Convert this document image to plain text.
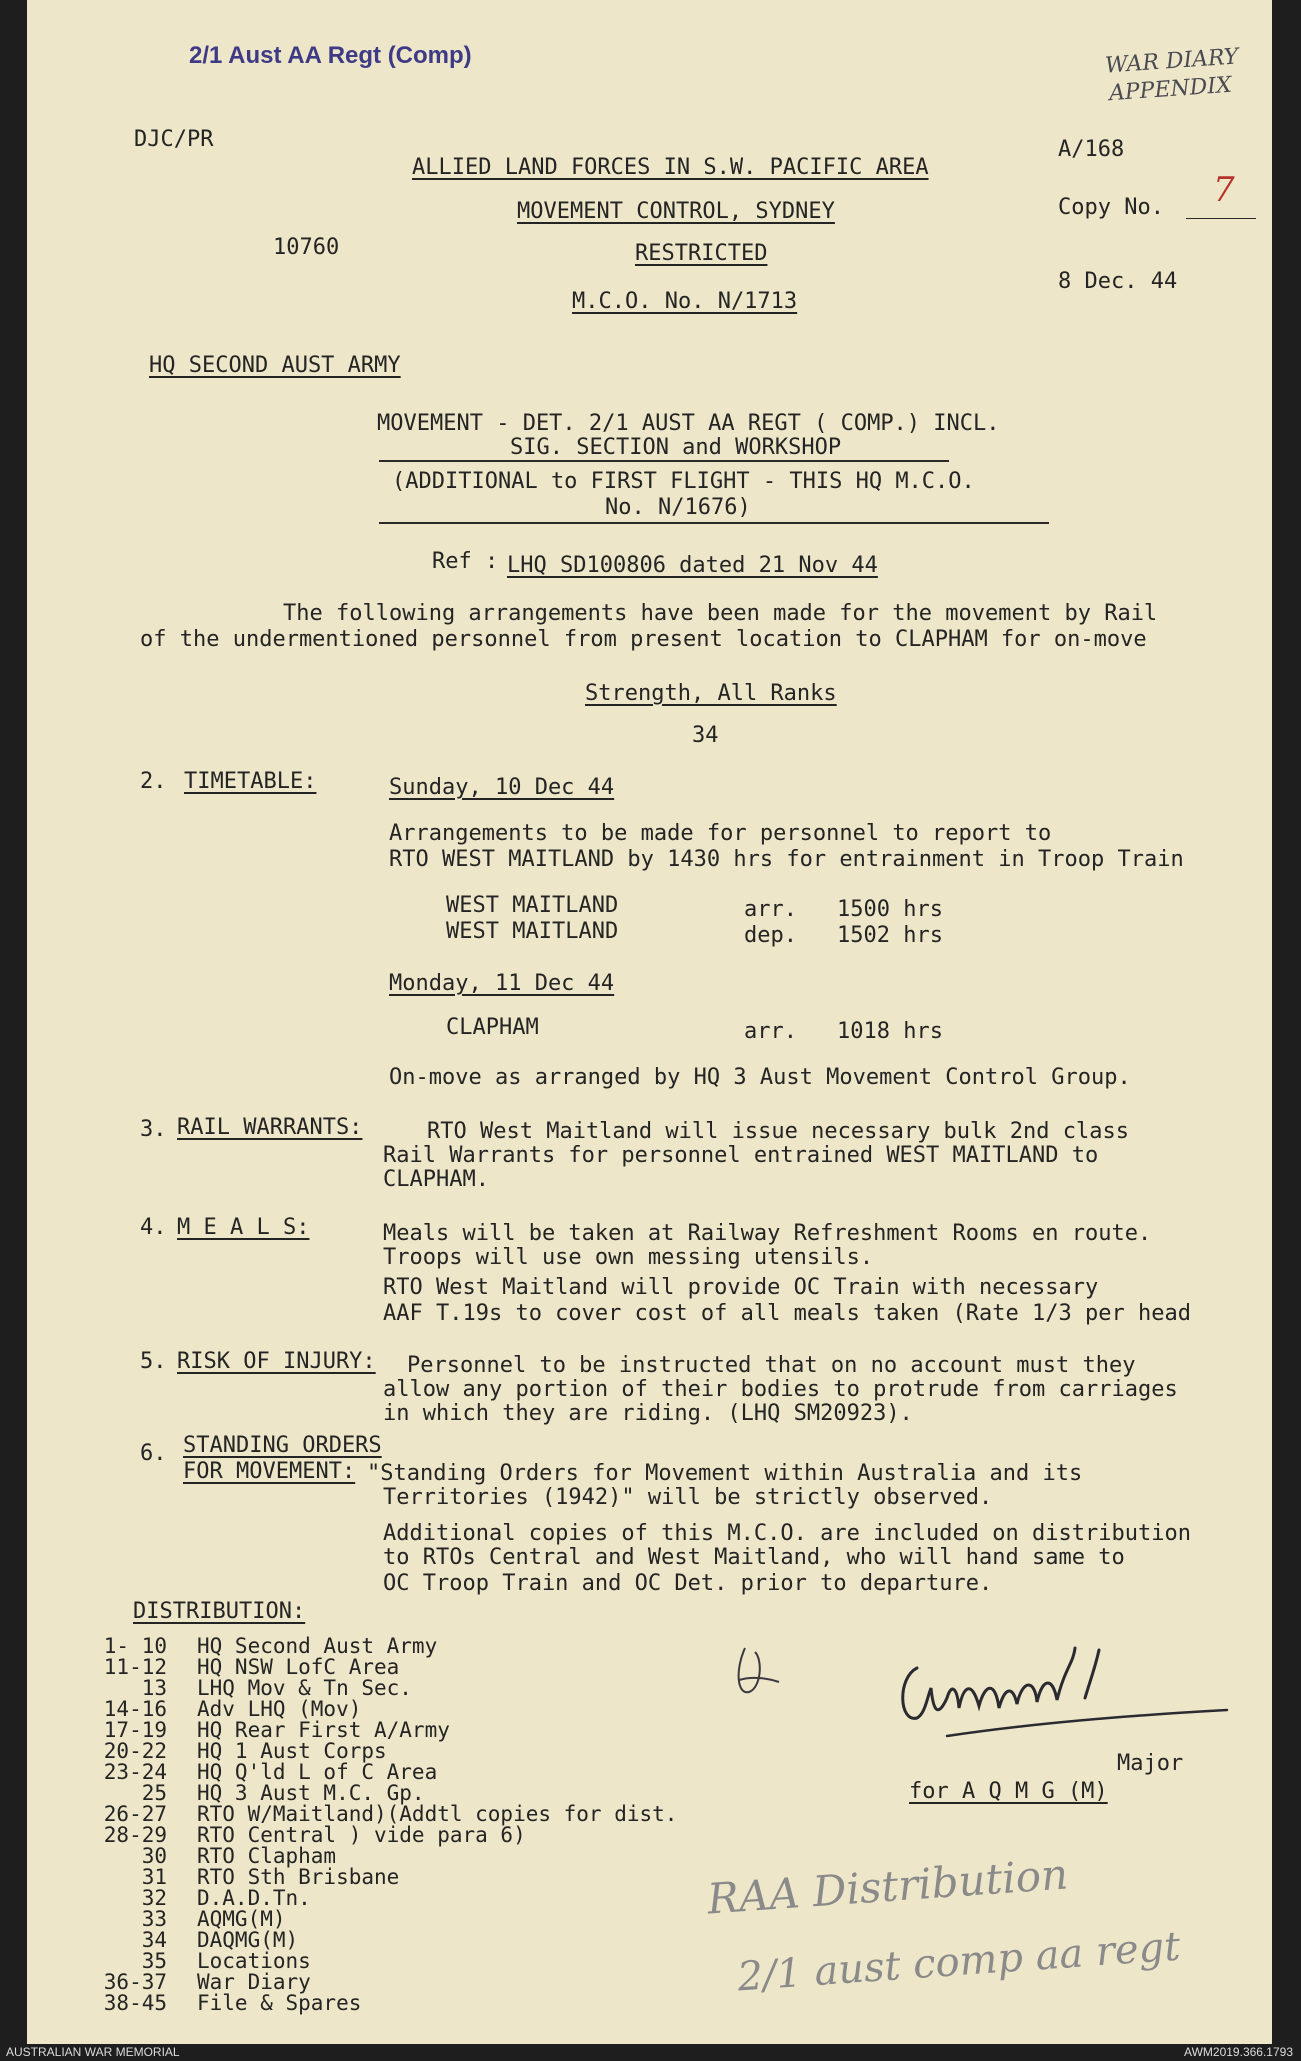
2/1 Aust AA Regt (Comp)	WAR DIARY
APPENDIX
7
DJC/PR
10760
A/168
Copy No.
8 Dec. 44
ALLIED LAND FORCES IN S.W. PACIFIC AREA
MOVEMENT CONTROL, SYDNEY
RESTRICTED
M.C.O. No. N/1713
HQ SECOND AUST ARMY
MOVEMENT - DET. 2/1 AUST AA REGT ( COMP.) INCL.
SIG. SECTION and WORKSHOP
(ADDITIONAL to FIRST FLIGHT - THIS HQ M.C.O.
No. N/1676)
Ref : LHQ SD100806 dated 21 Nov 44
The following arrangements have been made for the movement by Rail
of the undermentioned personnel from present location to CLAPHAM for on-move
Strength, All Ranks
34
2. TIMETABLE:	Sunday, 10 Dec 44
Arrangements to be made for personnel to report to
RTO WEST MAITLAND by 1430 hrs for entrainment in Troop Train
WEST MAITLAND	arr. 1500 hrs
WEST MAITLAND	dep. 1502 hrs
Monday, 11 Dec 44
CLAPHAM	arr. 1018 hrs
On-move as arranged by HQ 3 Aust Movement Control Group.
3. RAIL WARRANTS:	RTO West Maitland will issue necessary bulk 2nd class
Rail Warrants for personnel entrained WEST MAITLAND to
CLAPHAM.
4. M E A L S:	Meals will be taken at Railway Refreshment Rooms en route.
Troops will use own messing utensils.
RTO West Maitland will provide OC Train with necessary
AAF T.19s to cover cost of all meals taken (Rate 1/3 per head
5. RISK OF INJURY: Personnel to be instructed that on no account must they
allow any portion of their bodies to protrude from carriages
in which they are riding. (LHQ SM20923).
6. STANDING ORDERS
FOR MOVEMENT: "Standing Orders for Movement within Australia and its
Territories (1942)" will be strictly observed.
Additional copies of this M.C.O. are included on distribution
to RTOs Central and West Maitland, who will hand same to
OC Troop Train and OC Det. prior to departure.
DISTRIBUTION:
1- 10	HQ Second Aust Army
11-12	HQ NSW LofC Area
13	LHQ Mov & Tn Sec.
14-16	Adv LHQ (Mov)
17-19	HQ Rear First A/Army
20-22	HQ 1 Aust Corps
23-24	HQ Q'ld L of C Area
25	HQ 3 Aust M.C. Gp.
26-27	RTO W/Maitland)(Addtl copies for dist.
28-29	RTO Central ) vide para 6)
30	RTO Clapham
31	RTO Sth Brisbane
32	D.A.D.Tn.
33	AQMG(M)
34	DAQMG(M)
35	Locations
36-37	War Diary
38-45	File & Spares
Major
for A Q M G (M)
RAA Distribution
2/1 aust comp aa regt
AUSTRALIAN WAR MEMORIAL	AWM2019.366.1793
